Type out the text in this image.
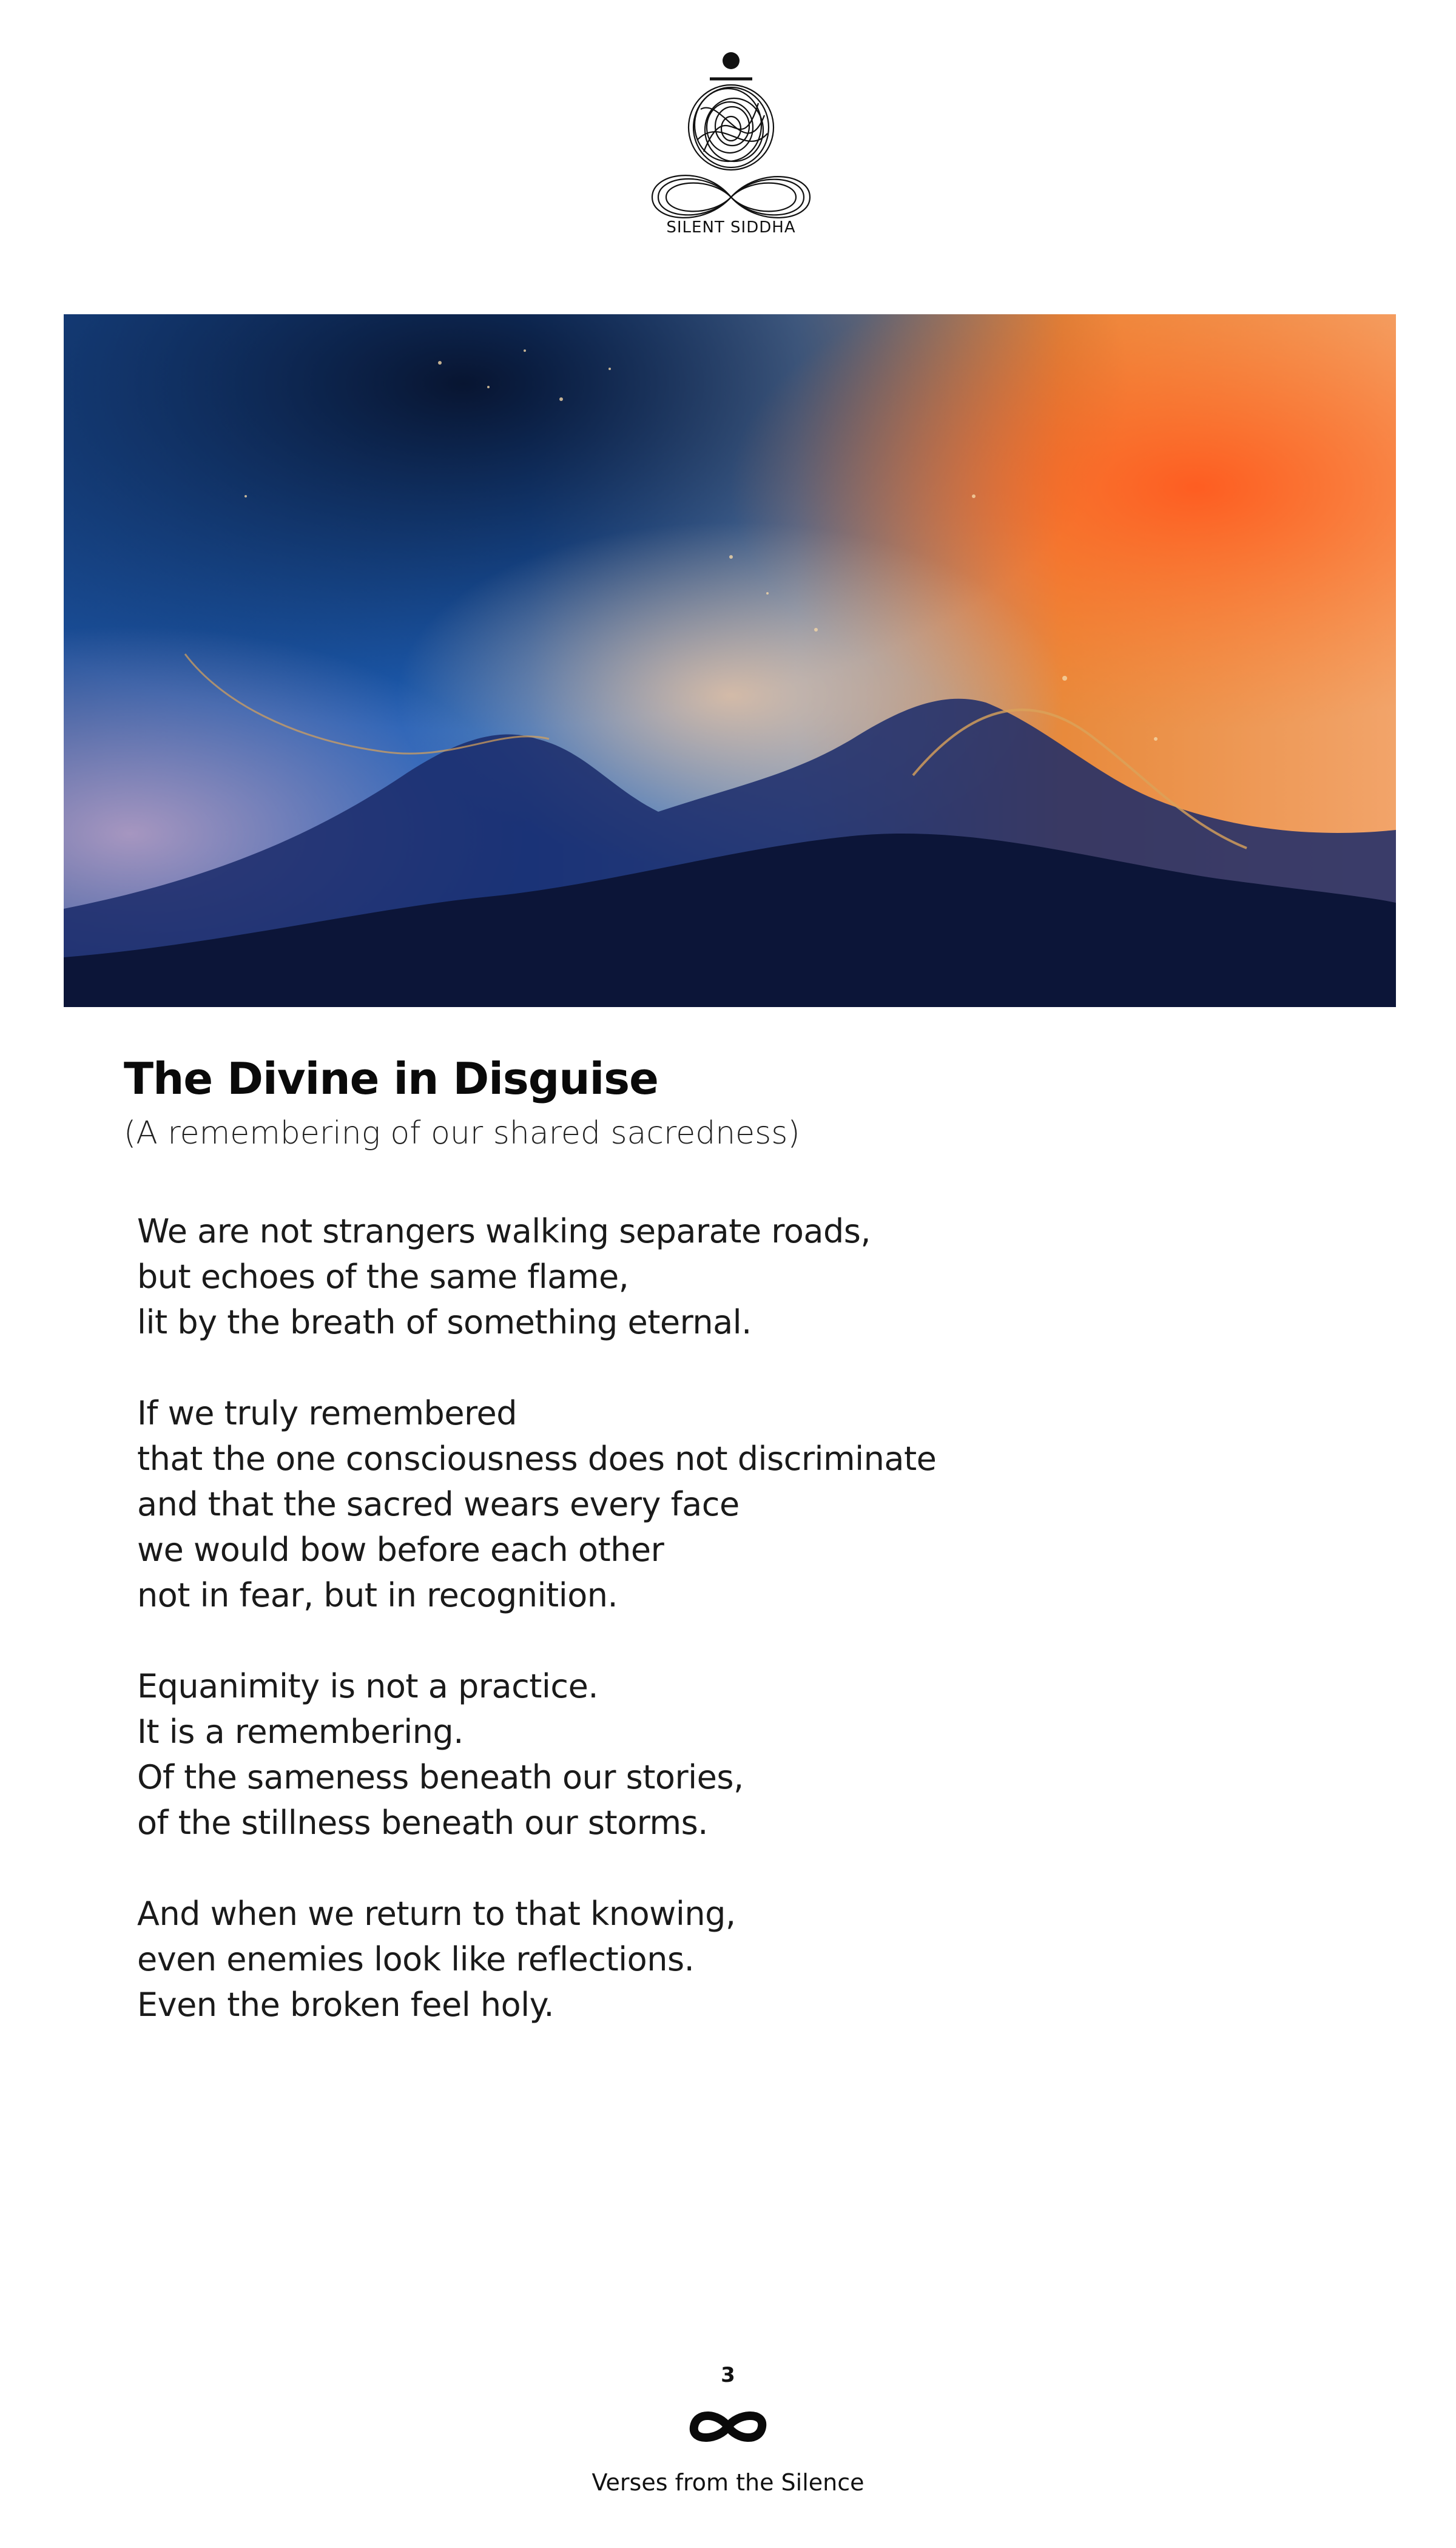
SILENT SIDDHA
The Divine in Disguise
(A remembering of our shared sacredness)
We are not strangers walking separate roads,
but echoes of the same flame,
lit by the breath of something eternal.
If we truly remembered
that the one consciousness does not discriminate
and that the sacred wears every face
we would bow before each other
not in fear, but in recognition.
Equanimity is not a practice.
It is a remembering.
Of the sameness beneath our stories,
of the stillness beneath our storms.
And when we return to that knowing,
even enemies look like reflections.
Even the broken feel holy.
3
Verses from the Silence
